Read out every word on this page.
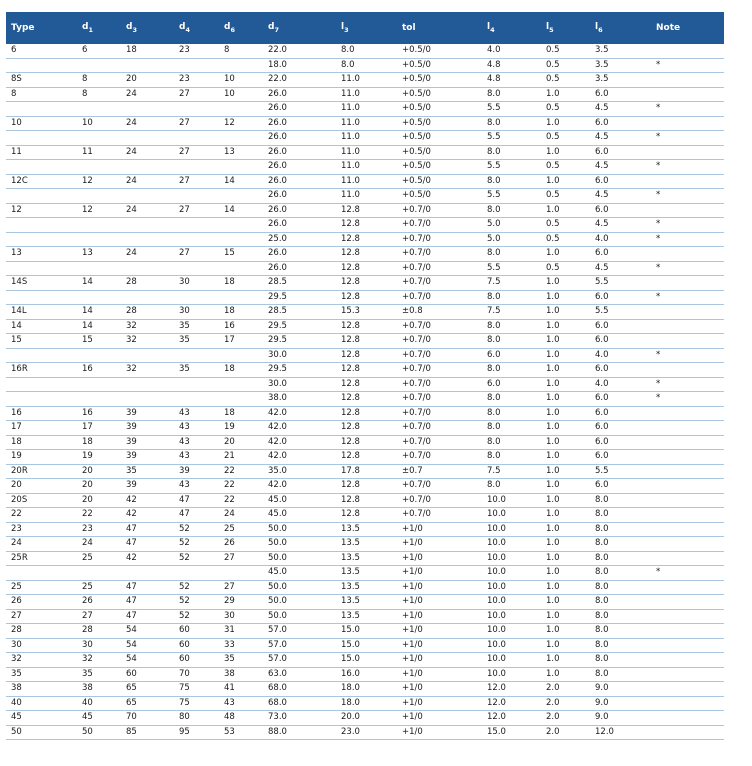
Type	$d_1$	$d_3$	$d_4$	$d_6$	$d_7$	$l_3$	tol	$l_4$	$l_5$	$l_6$	Note
6	6	18	23	8	22.0	8.0	+0.5/0	4.0	0.5	3.5	
					18.0	8.0	+0.5/0	4.8	0.5	3.5	*
8S	8	20	23	10	22.0	11.0	+0.5/0	4.8	0.5	3.5	
8	8	24	27	10	26.0	11.0	+0.5/0	8.0	1.0	6.0	
					26.0	11.0	+0.5/0	5.5	0.5	4.5	*
10	10	24	27	12	26.0	11.0	+0.5/0	8.0	1.0	6.0	
					26.0	11.0	+0.5/0	5.5	0.5	4.5	*
11	11	24	27	13	26.0	11.0	+0.5/0	8.0	1.0	6.0	
					26.0	11.0	+0.5/0	5.5	0.5	4.5	*
12C	12	24	27	14	26.0	11.0	+0.5/0	8.0	1.0	6.0	
					26.0	11.0	+0.5/0	5.5	0.5	4.5	*
12	12	24	27	14	26.0	12.8	+0.7/0	8.0	1.0	6.0	
					26.0	12.8	+0.7/0	5.0	0.5	4.5	*
					25.0	12.8	+0.7/0	5.0	0.5	4.0	*
13	13	24	27	15	26.0	12.8	+0.7/0	8.0	1.0	6.0	
					26.0	12.8	+0.7/0	5.5	0.5	4.5	*
14S	14	28	30	18	28.5	12.8	+0.7/0	7.5	1.0	5.5	
					29.5	12.8	+0.7/0	8.0	1.0	6.0	*
14L	14	28	30	18	28.5	15.3	±0.8	7.5	1.0	5.5	
14	14	32	35	16	29.5	12.8	+0.7/0	8.0	1.0	6.0	
15	15	32	35	17	29.5	12.8	+0.7/0	8.0	1.0	6.0	
					30.0	12.8	+0.7/0	6.0	1.0	4.0	*
16R	16	32	35	18	29.5	12.8	+0.7/0	8.0	1.0	6.0	
					30.0	12.8	+0.7/0	6.0	1.0	4.0	*
					38.0	12.8	+0.7/0	8.0	1.0	6.0	*
16	16	39	43	18	42.0	12.8	+0.7/0	8.0	1.0	6.0	
17	17	39	43	19	42.0	12.8	+0.7/0	8.0	1.0	6.0	
18	18	39	43	20	42.0	12.8	+0.7/0	8.0	1.0	6.0	
19	19	39	43	21	42.0	12.8	+0.7/0	8.0	1.0	6.0	
20R	20	35	39	22	35.0	17.8	±0.7	7.5	1.0	5.5	
20	20	39	43	22	42.0	12.8	+0.7/0	8.0	1.0	6.0	
20S	20	42	47	22	45.0	12.8	+0.7/0	10.0	1.0	8.0	
22	22	42	47	24	45.0	12.8	+0.7/0	10.0	1.0	8.0	
23	23	47	52	25	50.0	13.5	+1/0	10.0	1.0	8.0	
24	24	47	52	26	50.0	13.5	+1/0	10.0	1.0	8.0	
25R	25	42	52	27	50.0	13.5	+1/0	10.0	1.0	8.0	
					45.0	13.5	+1/0	10.0	1.0	8.0	*
25	25	47	52	27	50.0	13.5	+1/0	10.0	1.0	8.0	
26	26	47	52	29	50.0	13.5	+1/0	10.0	1.0	8.0	
27	27	47	52	30	50.0	13.5	+1/0	10.0	1.0	8.0	
28	28	54	60	31	57.0	15.0	+1/0	10.0	1.0	8.0	
30	30	54	60	33	57.0	15.0	+1/0	10.0	1.0	8.0	
32	32	54	60	35	57.0	15.0	+1/0	10.0	1.0	8.0	
35	35	60	70	38	63.0	16.0	+1/0	10.0	1.0	8.0	
38	38	65	75	41	68.0	18.0	+1/0	12.0	2.0	9.0	
40	40	65	75	43	68.0	18.0	+1/0	12.0	2.0	9.0	
45	45	70	80	48	73.0	20.0	+1/0	12.0	2.0	9.0	
50	50	85	95	53	88.0	23.0	+1/0	15.0	2.0	12.0	
